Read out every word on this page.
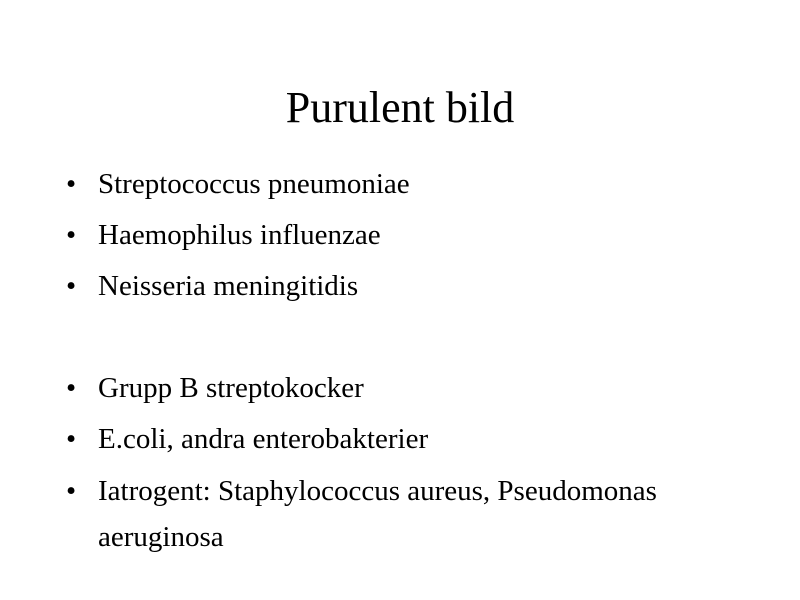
Purulent bild
• Streptococcus pneumoniae
• Haemophilus influenzae
• Neisseria meningitidis
• Grupp B streptokocker
• E.coli, andra enterobakterier
• Iatrogent: Staphylococcus aureus, Pseudomonas aeruginosa
